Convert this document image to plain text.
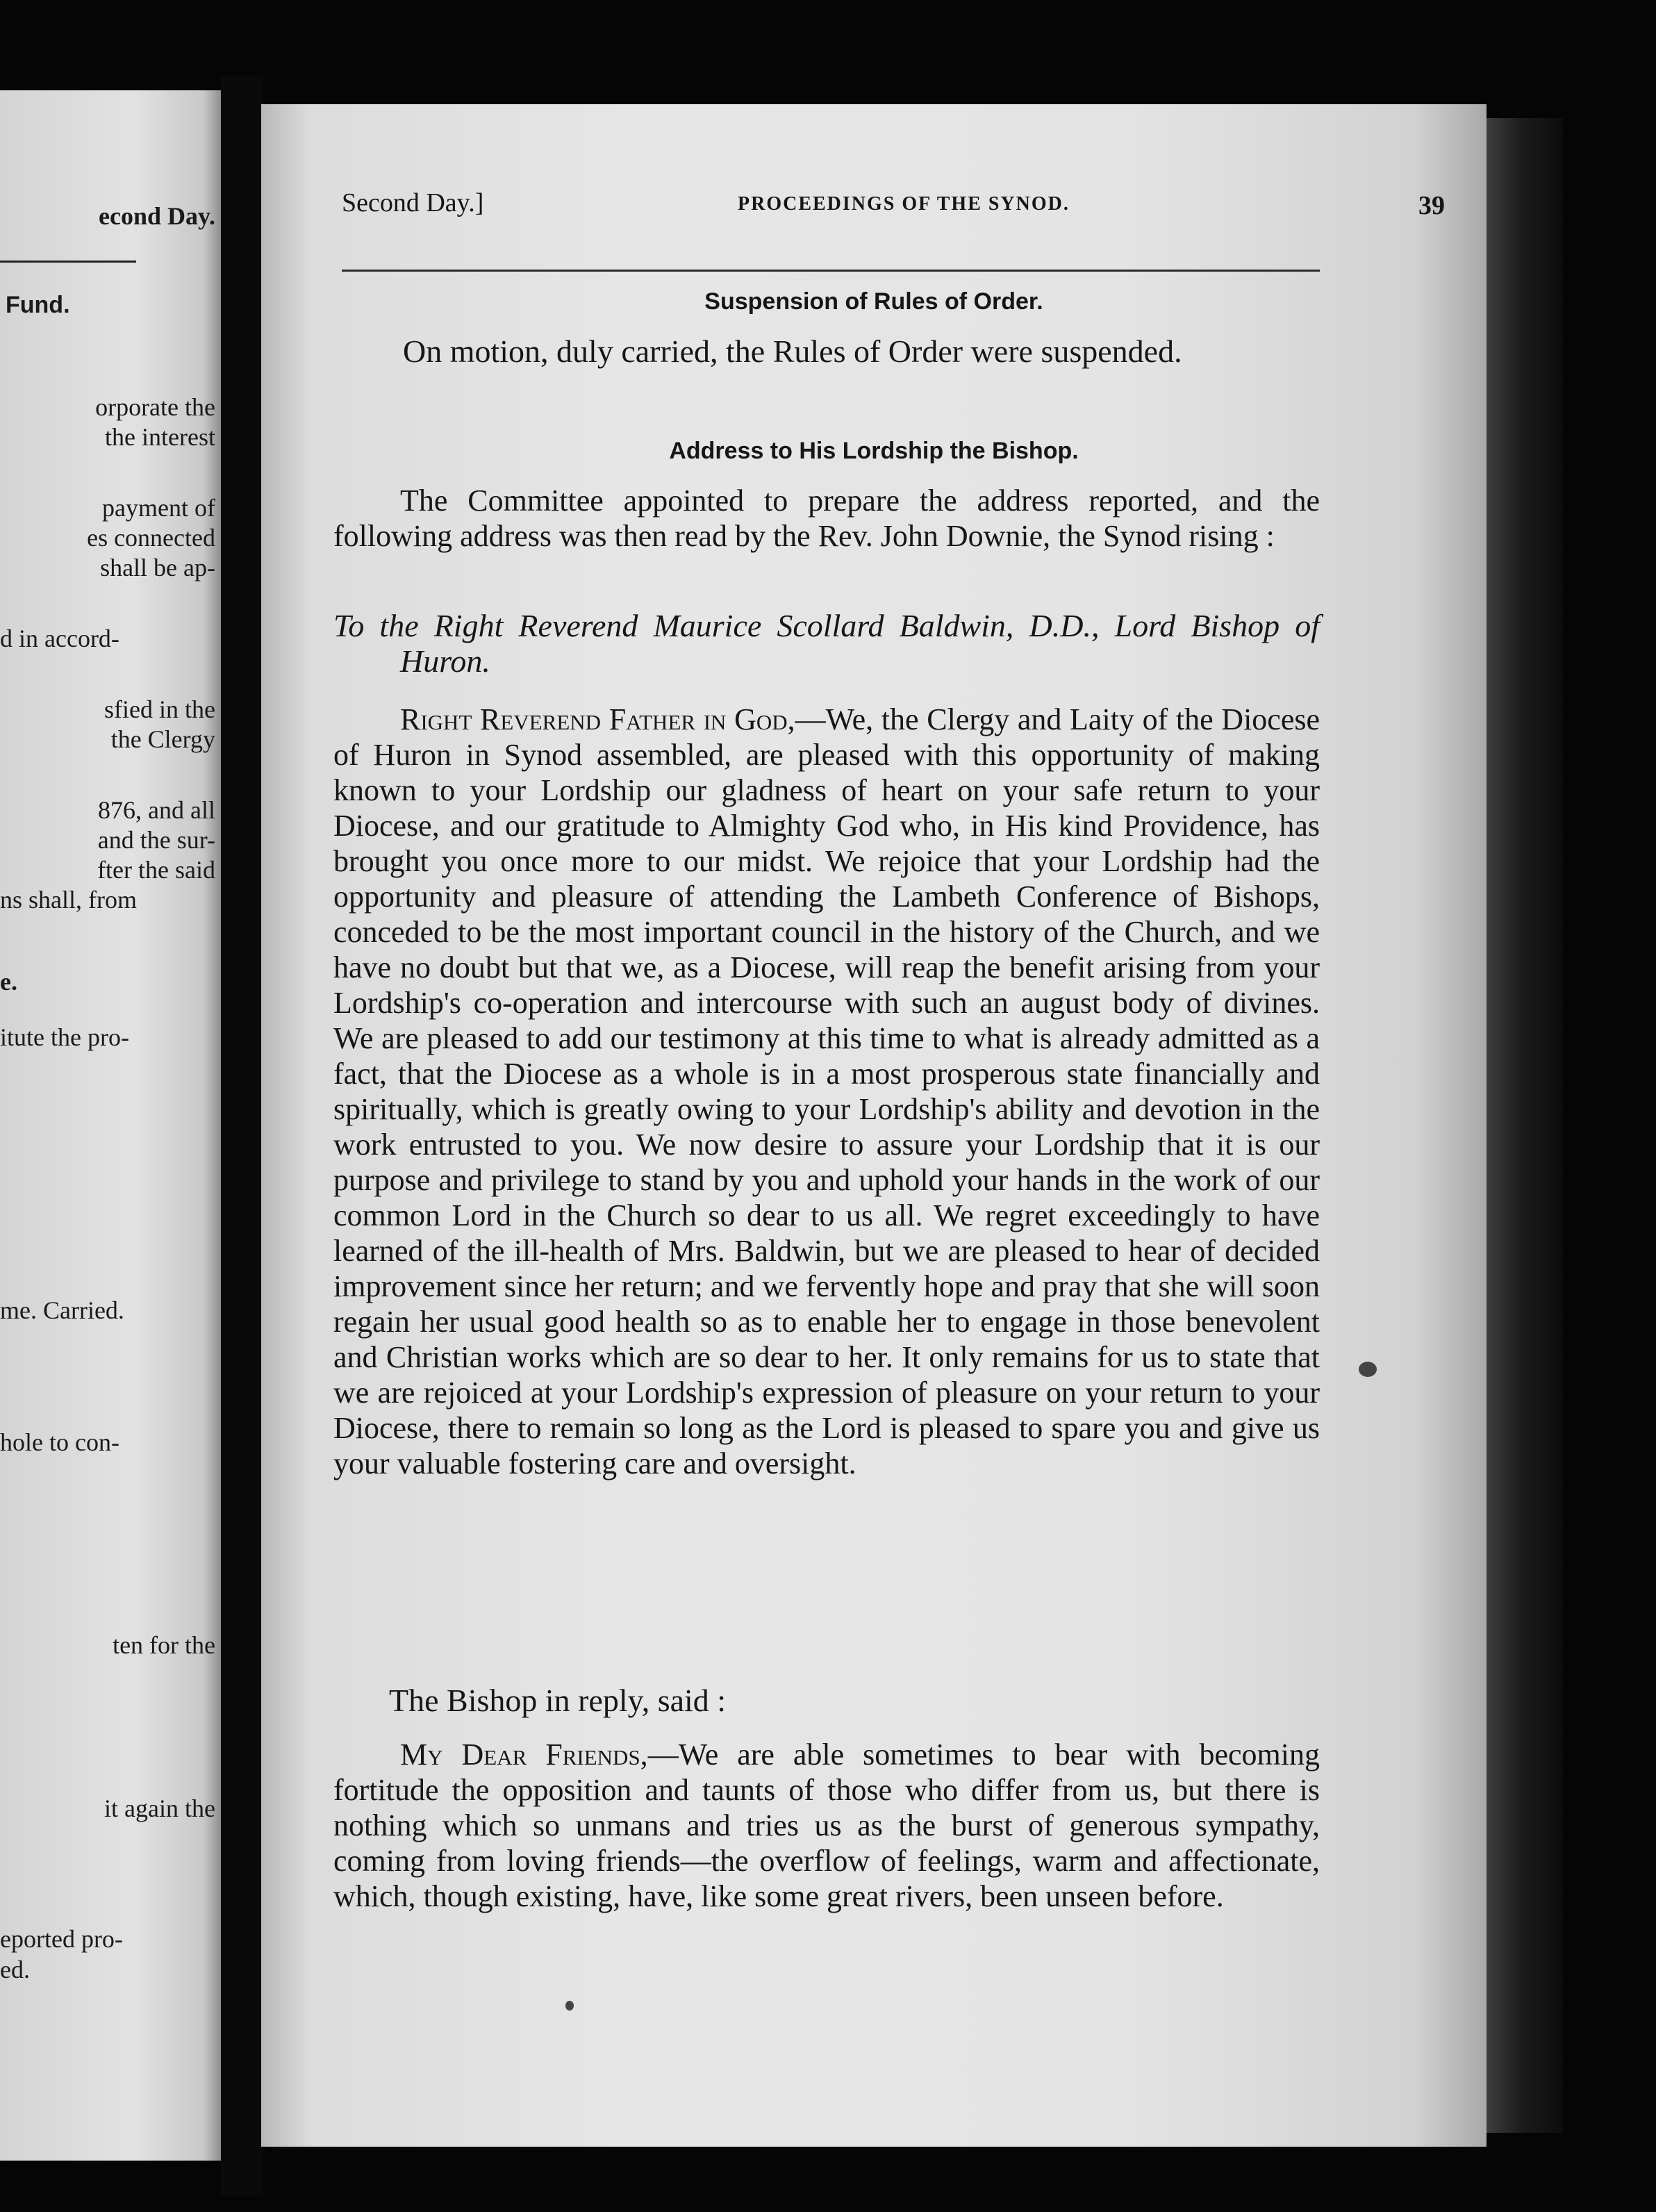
econd Day.
Fund.
orporate the
the interest
payment of
es connected
shall be ap-
d in accord-
sfied in the
the Clergy
876, and all
and the sur-
fter the said
ns shall, from
e.
itute the pro-
me. Carried.
hole to con-
ten for the
it again the
eported pro-
ed.
Second Day.]	PROCEEDINGS OF THE SYNOD.	39
Suspension of Rules of Order.
On motion, duly carried, the Rules of Order were suspended.
Address to His Lordship the Bishop.
The Committee appointed to prepare the address reported, and the following address was then read by the Rev. John Downie, the Synod rising :
To the Right Reverend Maurice Scollard Baldwin, D.D., Lord Bishop of Huron.
Right Reverend Father in God,—We, the Clergy and Laity of the Diocese of Huron in Synod assembled, are pleased with this opportunity of making known to your Lordship our gladness of heart on your safe return to your Diocese, and our gratitude to Almighty God who, in His kind Providence, has brought you once more to our midst. We rejoice that your Lordship had the opportunity and pleasure of attending the Lambeth Conference of Bishops, conceded to be the most important council in the history of the Church, and we have no doubt but that we, as a Diocese, will reap the benefit arising from your Lordship's co-operation and intercourse with such an august body of divines. We are pleased to add our testimony at this time to what is already admitted as a fact, that the Diocese as a whole is in a most prosperous state financially and spiritually, which is greatly owing to your Lordship's ability and devotion in the work entrusted to you. We now desire to assure your Lordship that it is our purpose and privilege to stand by you and uphold your hands in the work of our common Lord in the Church so dear to us all. We regret exceedingly to have learned of the ill-health of Mrs. Baldwin, but we are pleased to hear of decided improvement since her return; and we fervently hope and pray that she will soon regain her usual good health so as to enable her to engage in those benevolent and Christian works which are so dear to her. It only remains for us to state that we are rejoiced at your Lordship's expression of pleasure on your return to your Diocese, there to remain so long as the Lord is pleased to spare you and give us your valuable fostering care and oversight.
The Bishop in reply, said :
My Dear Friends,—We are able sometimes to bear with becoming fortitude the opposition and taunts of those who differ from us, but there is nothing which so unmans and tries us as the burst of generous sympathy, coming from loving friends—the overflow of feelings, warm and affectionate, which, though existing, have, like some great rivers, been unseen before.
